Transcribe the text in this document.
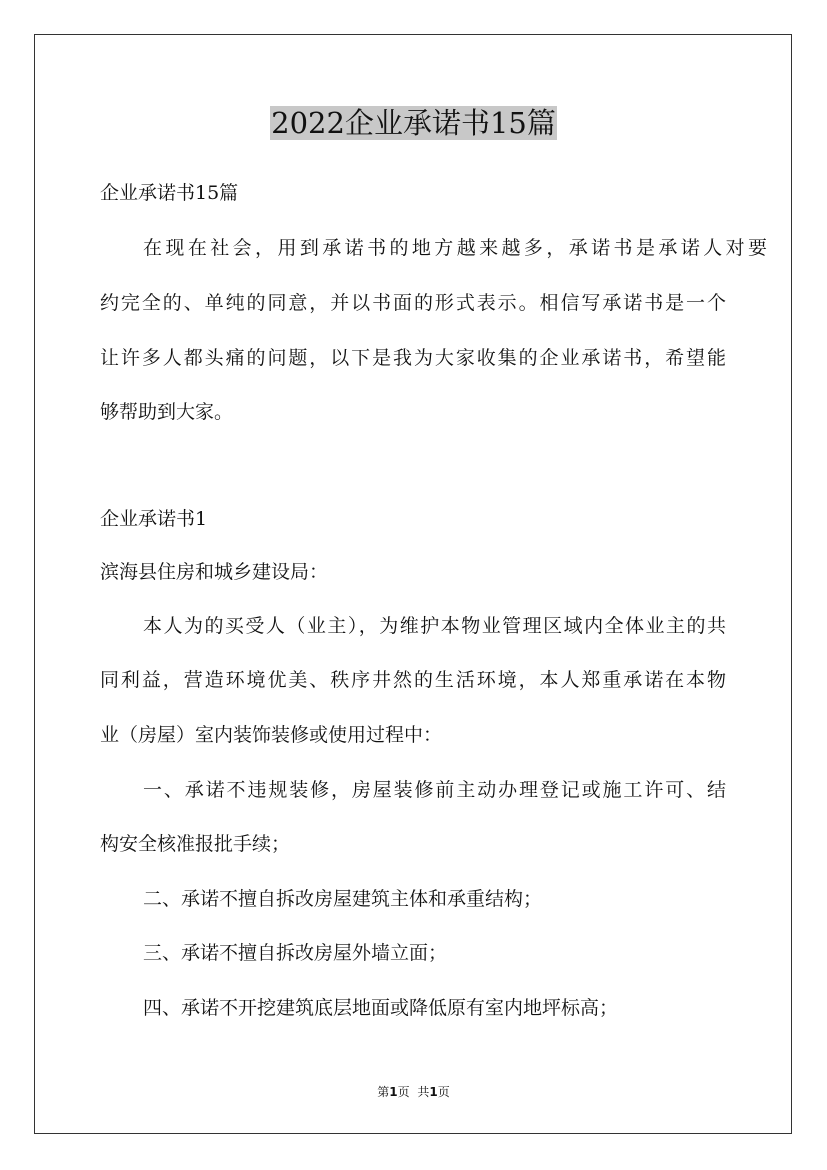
2022企业承诺书15篇

企业承诺书15篇

在现在社会，用到承诺书的地方越来越多，承诺书是承诺人对要

约完全的、单纯的同意，并以书面的形式表示。相信写承诺书是一个

让许多人都头痛的问题，以下是我为大家收集的企业承诺书，希望能

够帮助到大家。

企业承诺书1

滨海县住房和城乡建设局：

本人为的买受人（业主），为维护本物业管理区域内全体业主的共

同利益，营造环境优美、秩序井然的生活环境，本人郑重承诺在本物

业（房屋）室内装饰装修或使用过程中：

一、承诺不违规装修，房屋装修前主动办理登记或施工许可、结

构安全核准报批手续；

二、承诺不擅自拆改房屋建筑主体和承重结构；

三、承诺不擅自拆改房屋外墙立面；

四、承诺不开挖建筑底层地面或降低原有室内地坪标高；

第1页 共1页
